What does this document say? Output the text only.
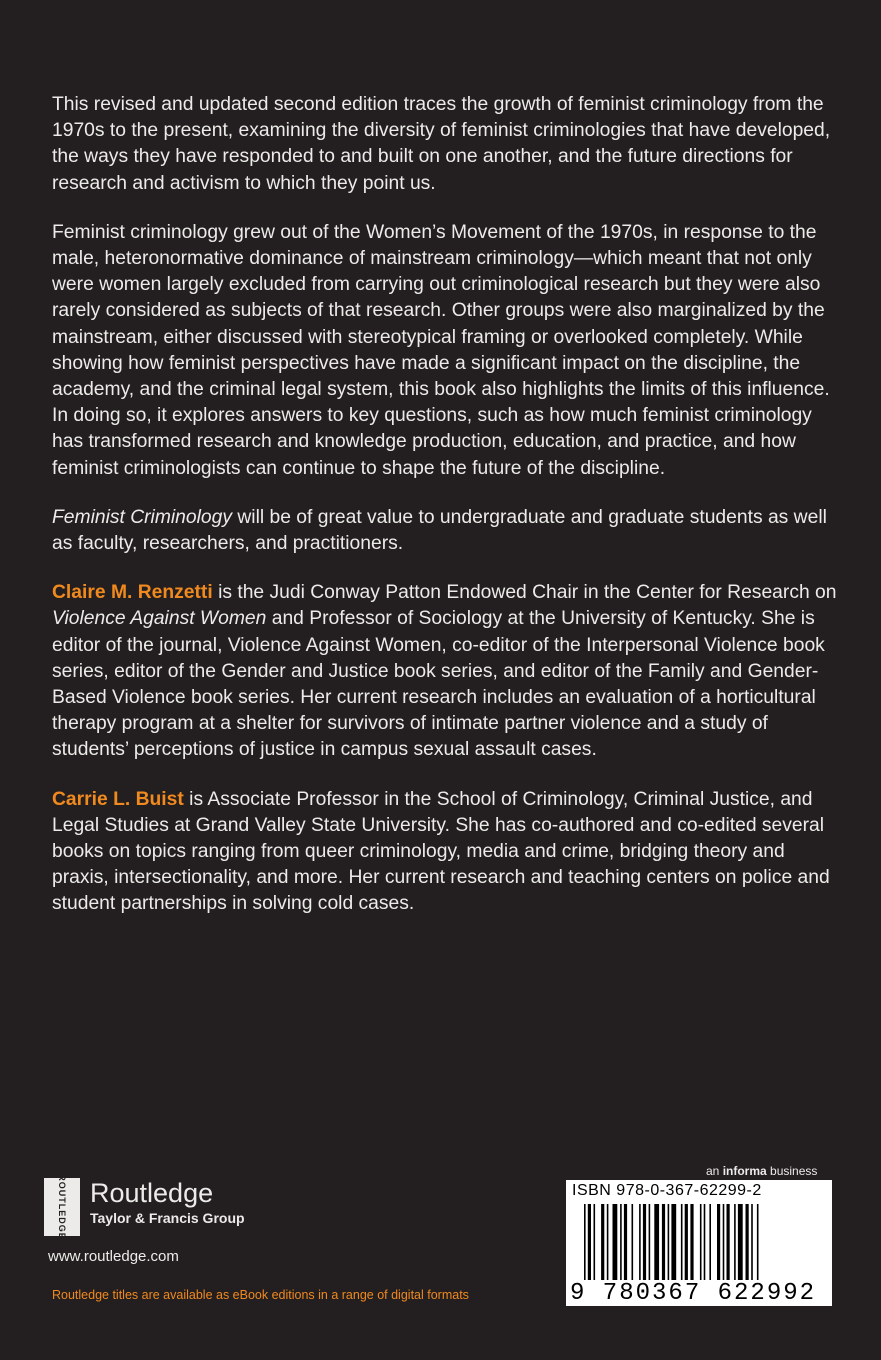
This revised and updated second edition traces the growth of feminist criminology from the 1970s to the present, examining the diversity of feminist criminologies that have developed, the ways they have responded to and built on one another, and the future directions for research and activism to which they point us.

Feminist criminology grew out of the Women’s Movement of the 1970s, in response to the male, heteronormative dominance of mainstream criminology—which meant that not only were women largely excluded from carrying out criminological research but they were also rarely considered as subjects of that research. Other groups were also marginalized by the mainstream, either discussed with stereotypical framing or overlooked completely. While showing how feminist perspectives have made a significant impact on the discipline, the academy, and the criminal legal system, this book also highlights the limits of this influence. In doing so, it explores answers to key questions, such as how much feminist criminology has transformed research and knowledge production, education, and practice, and how feminist criminologists can continue to shape the future of the discipline.

Feminist Criminology will be of great value to undergraduate and graduate students as well as faculty, researchers, and practitioners.

Claire M. Renzetti is the Judi Conway Patton Endowed Chair in the Center for Research on Violence Against Women and Professor of Sociology at the University of Kentucky. She is editor of the journal, Violence Against Women, co-editor of the Interpersonal Violence book series, editor of the Gender and Justice book series, and editor of the Family and Gender-Based Violence book series. Her current research includes an evaluation of a horticultural therapy program at a shelter for survivors of intimate partner violence and a study of students’ perceptions of justice in campus sexual assault cases.

Carrie L. Buist is Associate Professor in the School of Criminology, Criminal Justice, and Legal Studies at Grand Valley State University. She has co-authored and co-edited several books on topics ranging from queer criminology, media and crime, bridging theory and praxis, intersectionality, and more. Her current research and teaching centers on police and student partnerships in solving cold cases.

ROUTLEDGE Routledge
Taylor & Francis Group
www.routledge.com
Routledge titles are available as eBook editions in a range of digital formats
an informa business
ISBN 978-0-367-62299-2
9 780367 622992
